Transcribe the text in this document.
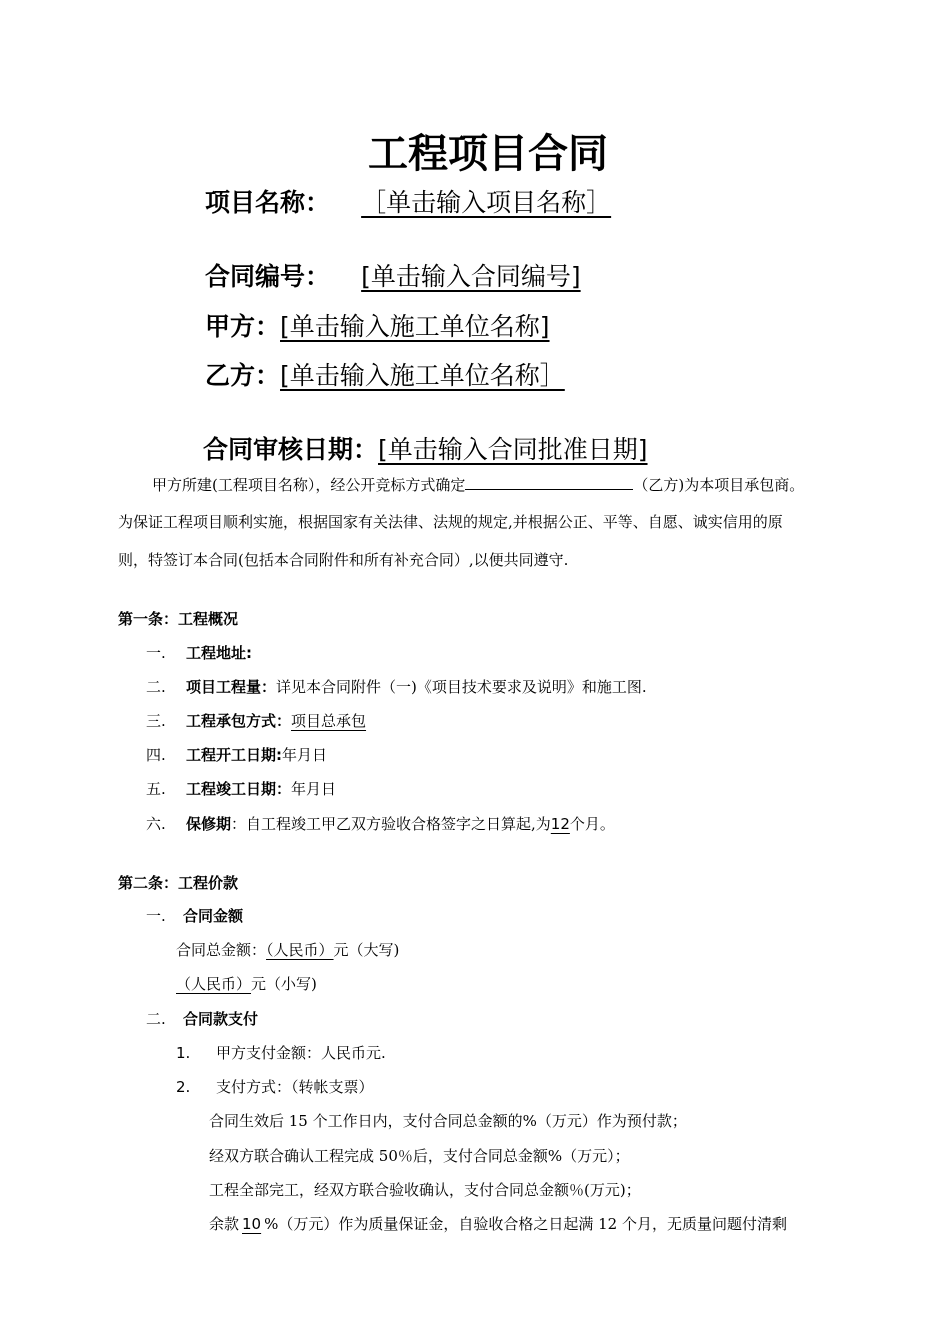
工程项目合同
项目名称： ［单击输入项目名称］
合同编号： [单击输入合同编号]
甲方：[单击输入施工单位名称]
乙方：[单击输入施工单位名称］
合同审核日期：[单击输入合同批准日期]
甲方所建(工程项目名称），经公开竞标方式确定	（乙方)为本项目承包商。
为保证工程项目顺利实施，根据国家有关法律、法规的规定,并根据公正、平等、自愿、诚实信用的原
则，特签订本合同(包括本合同附件和所有补充合同）,以便共同遵守.
第一条：工程概况
一. 工程地址:
二. 项目工程量：详见本合同附件（一)《项目技术要求及说明》和施工图.
三. 工程承包方式：项目总承包
四. 工程开工日期:年月日
五. 工程竣工日期：年月日
六. 保修期：自工程竣工甲乙双方验收合格签字之日算起,为12个月。
第二条：工程价款
一. 合同金额
合同总金额：（人民币）元（大写)
（人民币）元（小写)
二. 合同款支付
1. 甲方支付金额：人民币元.
2. 支付方式：（转帐支票）
合同生效后 15 个工作日内，支付合同总金额的%（万元）作为预付款；
经双方联合确认工程完成 50％后，支付合同总金额%（万元）；
工程全部完工，经双方联合验收确认，支付合同总金额％(万元)；
余款 10 %（万元）作为质量保证金，自验收合格之日起满 12 个月，无质量问题付清剩
